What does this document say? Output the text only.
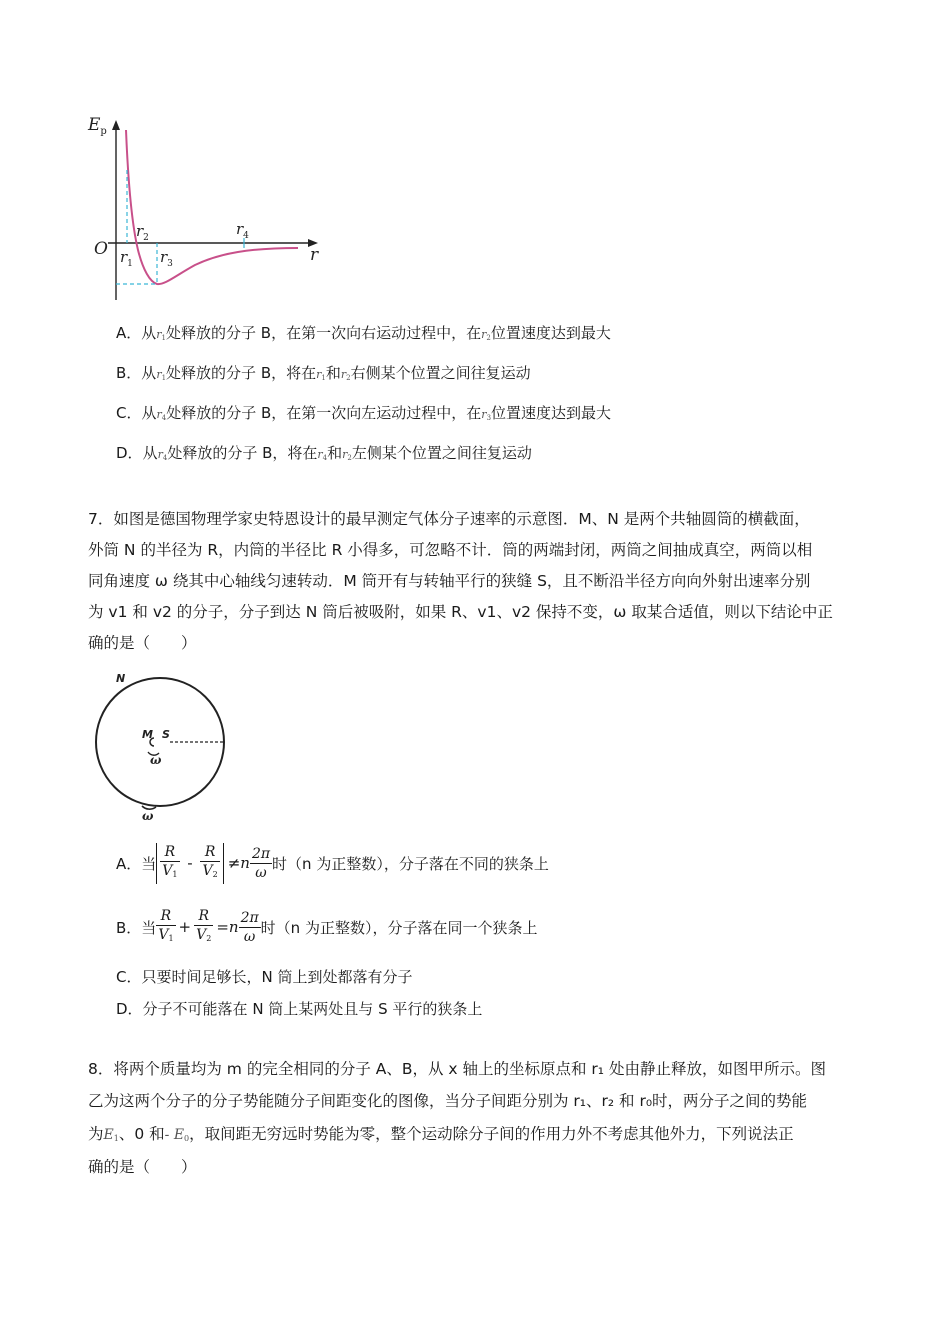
$E_p$
O	r
$r_1$
$r_2$
$r_3$
$r_4$
A．从r1处释放的分子 B，在第一次向右运动过程中，在r2位置速度达到最大
B．从r1处释放的分子 B，将在r1和r2右侧某个位置之间往复运动
C．从r4处释放的分子 B，在第一次向左运动过程中，在r3位置速度达到最大
D．从r4处释放的分子 B，将在r4和r2左侧某个位置之间往复运动
7．如图是德国物理学家史特恩设计的最早测定气体分子速率的示意图．M、N 是两个共轴圆筒的横截面，
外筒 N 的半径为 R，内筒的半径比 R 小得多，可忽略不计．筒的两端封闭，两筒之间抽成真空，两筒以相
同角速度 ω 绕其中心轴线匀速转动．M 筒开有与转轴平行的狭缝 S，且不断沿半径方向向外射出速率分别
为 v1 和 v2 的分子，分子到达 N 筒后被吸附，如果 R、v1、v2 保持不变，ω 取某合适值，则以下结论中正
确的是（　　）
N
M S
ω
ω
A． 当 $\frac{R}{V1} - \frac{R}{V2} \ne n \frac{2\pi}{\omega}$ 时（n 为正整数），分子落在不同的狭条上
B． 当 $\frac{R}{V1} + \frac{R}{V2} =n \frac{2\pi}{\omega}$ 时（n 为正整数），分子落在同一个狭条上
C．只要时间足够长，N 筒上到处都落有分子
D．分子不可能落在 N 筒上某两处且与 S 平行的狭条上
8．将两个质量均为 m 的完全相同的分子 A、B，从 x 轴上的坐标原点和 r₁ 处由静止释放，如图甲所示。图
乙为这两个分子的分子势能随分子间距变化的图像，当分子间距分别为 r₁、r₂ 和 r₀时，两分子之间的势能
为E1、0 和- E0，取间距无穷远时势能为零，整个运动除分子间的作用力外不考虑其他外力，下列说法正
确的是（　　）
